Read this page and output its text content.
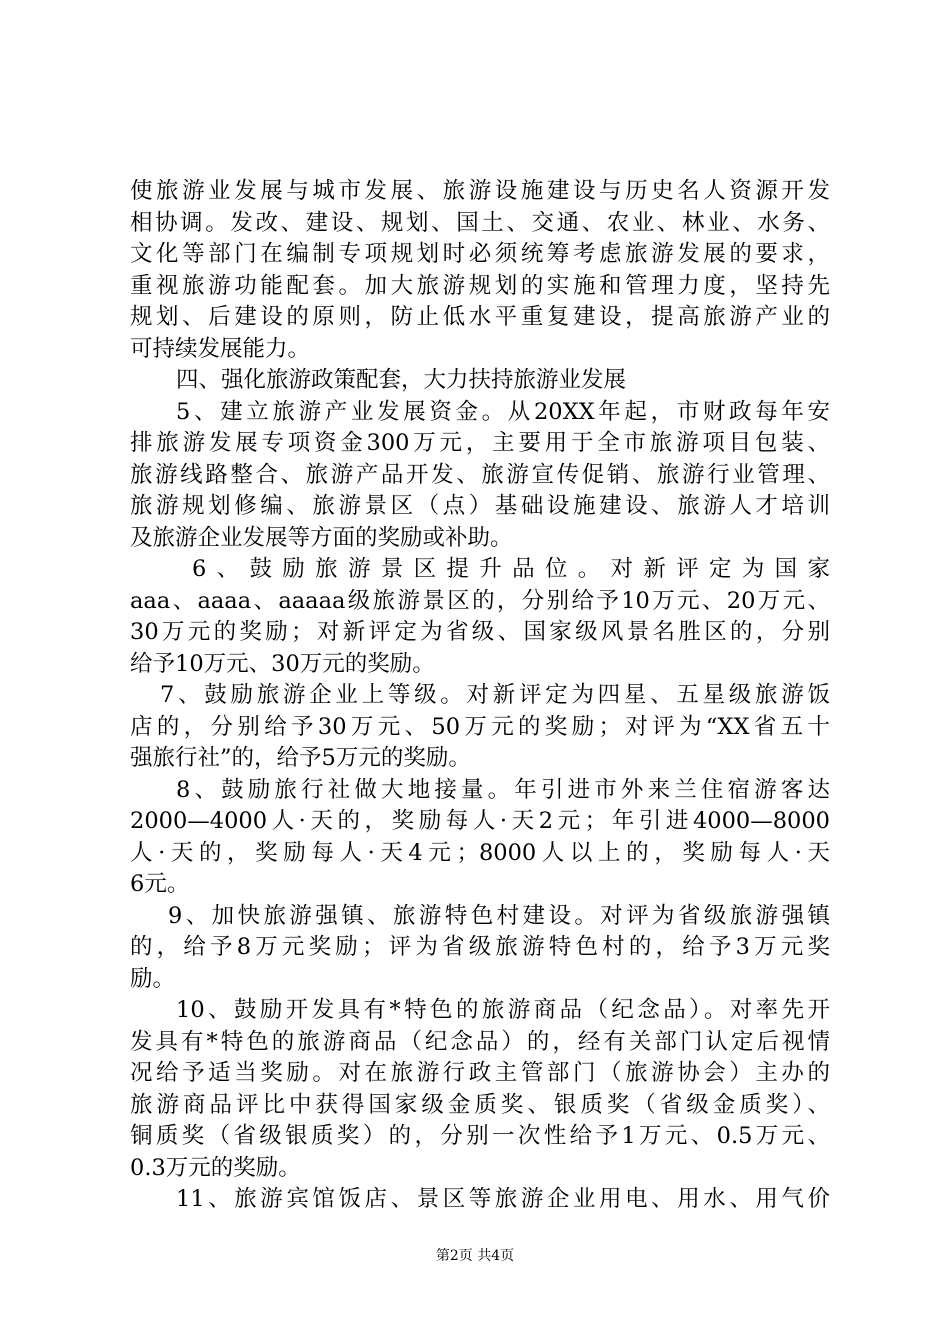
使旅游业发展与城市发展、旅游设施建设与历史名人资源开发
相协调。发改、建设、规划、国土、交通、农业、林业、水务、
文化等部门在编制专项规划时必须统筹考虑旅游发展的要求，
重视旅游功能配套。加大旅游规划的实施和管理力度，坚持先
规划、后建设的原则，防止低水平重复建设，提高旅游产业的
可持续发展能力。
四、强化旅游政策配套，大力扶持旅游业发展
5、建立旅游产业发展资金。从20XX年起，市财政每年安
排旅游发展专项资金300万元，主要用于全市旅游项目包装、
旅游线路整合、旅游产品开发、旅游宣传促销、旅游行业管理、
旅游规划修编、旅游景区（点）基础设施建设、旅游人才培训
及旅游企业发展等方面的奖励或补助。
6、鼓励旅游景区提升品位。对新评定为国家
aaa、aaaa、aaaaa级旅游景区的，分别给予10万元、20万元、
30万元的奖励；对新评定为省级、国家级风景名胜区的，分别
给予10万元、30万元的奖励。
7、鼓励旅游企业上等级。对新评定为四星、五星级旅游饭
店的，分别给予30万元、50万元的奖励；对评为“XX省五十
强旅行社”的，给予5万元的奖励。
8、鼓励旅行社做大地接量。年引进市外来兰住宿游客达
2000—4000人·天的，奖励每人·天2元；年引进4000—8000
人·天的，奖励每人·天4元；8000人以上的，奖励每人·天
6元。
9、加快旅游强镇、旅游特色村建设。对评为省级旅游强镇
的，给予8万元奖励；评为省级旅游特色村的，给予3万元奖
励。
10、鼓励开发具有*特色的旅游商品（纪念品）。对率先开
发具有*特色的旅游商品（纪念品）的，经有关部门认定后视情
况给予适当奖励。对在旅游行政主管部门（旅游协会）主办的
旅游商品评比中获得国家级金质奖、银质奖（省级金质奖）、
铜质奖（省级银质奖）的，分别一次性给予1万元、0.5万元、
0.3万元的奖励。
11、旅游宾馆饭店、景区等旅游企业用电、用水、用气价
第2页 共4页
